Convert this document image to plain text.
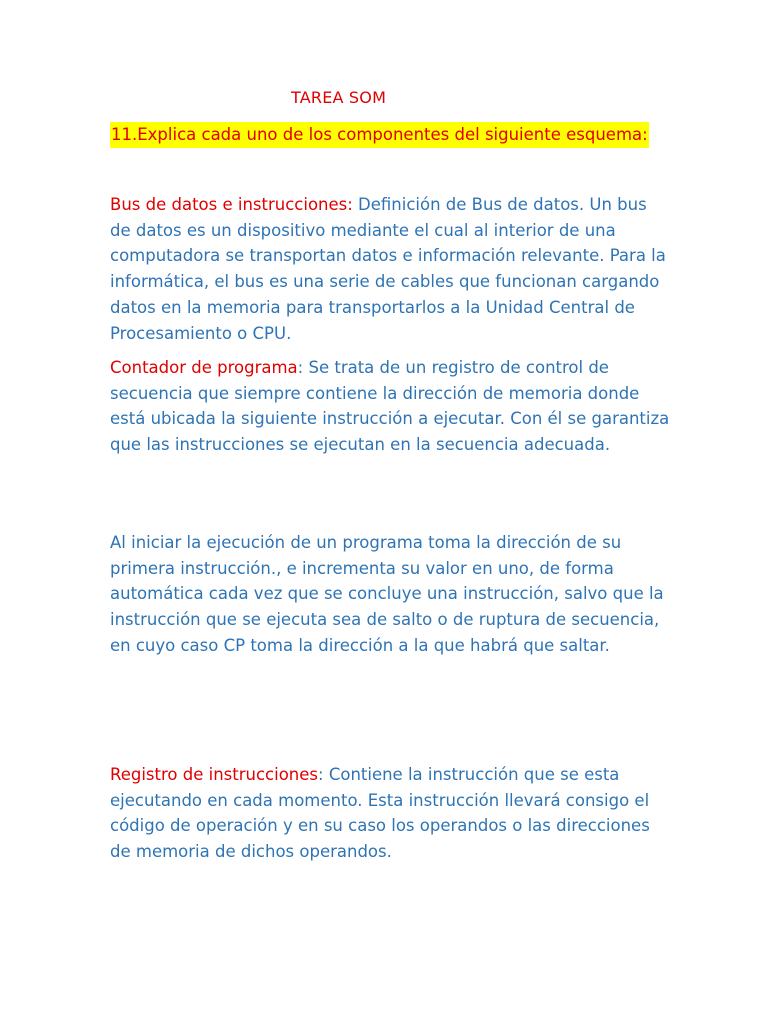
TAREA SOM
11.Explica cada uno de los componentes del siguiente esquema:
Bus de datos e instrucciones: Definición de Bus de datos. Un bus de datos es un dispositivo mediante el cual al interior de una computadora se transportan datos e información relevante. Para la informática, el bus es una serie de cables que funcionan cargando datos en la memoria para transportarlos a la Unidad Central de Procesamiento o CPU.
Contador de programa: Se trata de un registro de control de secuencia que siempre contiene la dirección de memoria donde está ubicada la siguiente instrucción a ejecutar. Con él se garantiza que las instrucciones se ejecutan en la secuencia adecuada.
Al iniciar la ejecución de un programa toma la dirección de su primera instrucción., e incrementa su valor en uno, de forma automática cada vez que se concluye una instrucción, salvo que la instrucción que se ejecuta sea de salto o de ruptura de secuencia, en cuyo caso CP toma la dirección a la que habrá que saltar.
Registro de instrucciones: Contiene la instrucción que se esta ejecutando en cada momento. Esta instrucción llevará consigo el código de operación y en su caso los operandos o las direcciones de memoria de dichos operandos.
